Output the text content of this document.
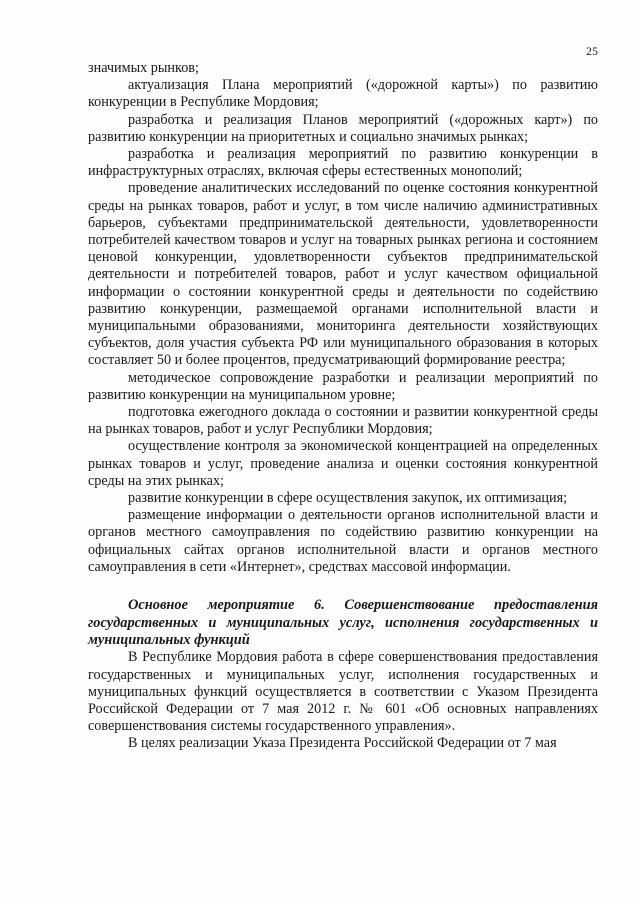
25

значимых рынков;

актуализация Плана мероприятий («дорожной карты») по развитию конкуренции в Республике Мордовия;

разработка и реализация Планов мероприятий («дорожных карт») по развитию конкуренции на приоритетных и социально значимых рынках;

разработка и реализация мероприятий по развитию конкуренции в инфраструктурных отраслях, включая сферы естественных монополий;

проведение аналитических исследований по оценке состояния конкурентной среды на рынках товаров, работ и услуг, в том числе наличию административных барьеров, субъектами предпринимательской деятельности, удовлетворенности потребителей качеством товаров и услуг на товарных рынках региона и состоянием ценовой конкуренции, удовлетворенности субъектов предпринимательской деятельности и потребителей товаров, работ и услуг качеством официальной информации о состоянии конкурентной среды и деятельности по содействию развитию конкуренции, размещаемой органами исполнительной власти и муниципальными образованиями, мониторинга деятельности хозяйствующих субъектов, доля участия субъекта РФ или муниципального образования в которых составляет 50 и более процентов, предусматривающий формирование реестра;

методическое сопровождение разработки и реализации мероприятий по развитию конкуренции на муниципальном уровне;

подготовка ежегодного доклада о состоянии и развитии конкурентной среды на рынках товаров, работ и услуг Республики Мордовия;

осуществление контроля за экономической концентрацией на определенных рынках товаров и услуг, проведение анализа и оценки состояния конкурентной среды на этих рынках;

развитие конкуренции в сфере осуществления закупок, их оптимизация;

размещение информации о деятельности органов исполнительной власти и органов местного самоуправления по содействию развитию конкуренции на официальных сайтах органов исполнительной власти и органов местного самоуправления в сети «Интернет», средствах массовой информации.

Основное мероприятие 6. Совершенствование предоставления государственных и муниципальных услуг, исполнения государственных и муниципальных функций

В Республике Мордовия работа в сфере совершенствования предоставления государственных и муниципальных услуг, исполнения государственных и муниципальных функций осуществляется в соответствии с Указом Президента Российской Федерации от 7 мая 2012 г. № 601 «Об основных направлениях совершенствования системы государственного управления».

В целях реализации Указа Президента Российской Федерации от 7 мая
